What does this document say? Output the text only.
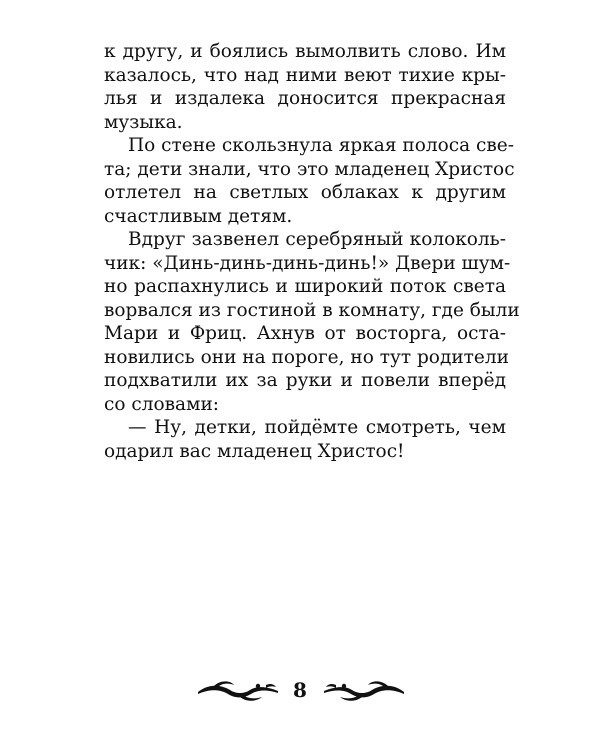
к другу, и боялись вымолвить слово. Им
казалось, что над ними веют тихие кры-
лья и издалека доносится прекрасная
музыка.

По стене скользнула яркая полоса све-
та; дети знали, что это младенец Христос
отлетел на светлых облаках к другим
счастливым детям.

Вдруг зазвенел серебряный колоколь-
чик: «Динь-динь-динь-динь!» Двери шум-
но распахнулись и широкий поток света
ворвался из гостиной в комнату, где были
Мари и Фриц. Ахнув от восторга, оста-
новились они на пороге, но тут родители
подхватили их за руки и повели вперёд
со словами:

— Ну, детки, пойдёмте смотреть, чем
одарил вас младенец Христос!

8
